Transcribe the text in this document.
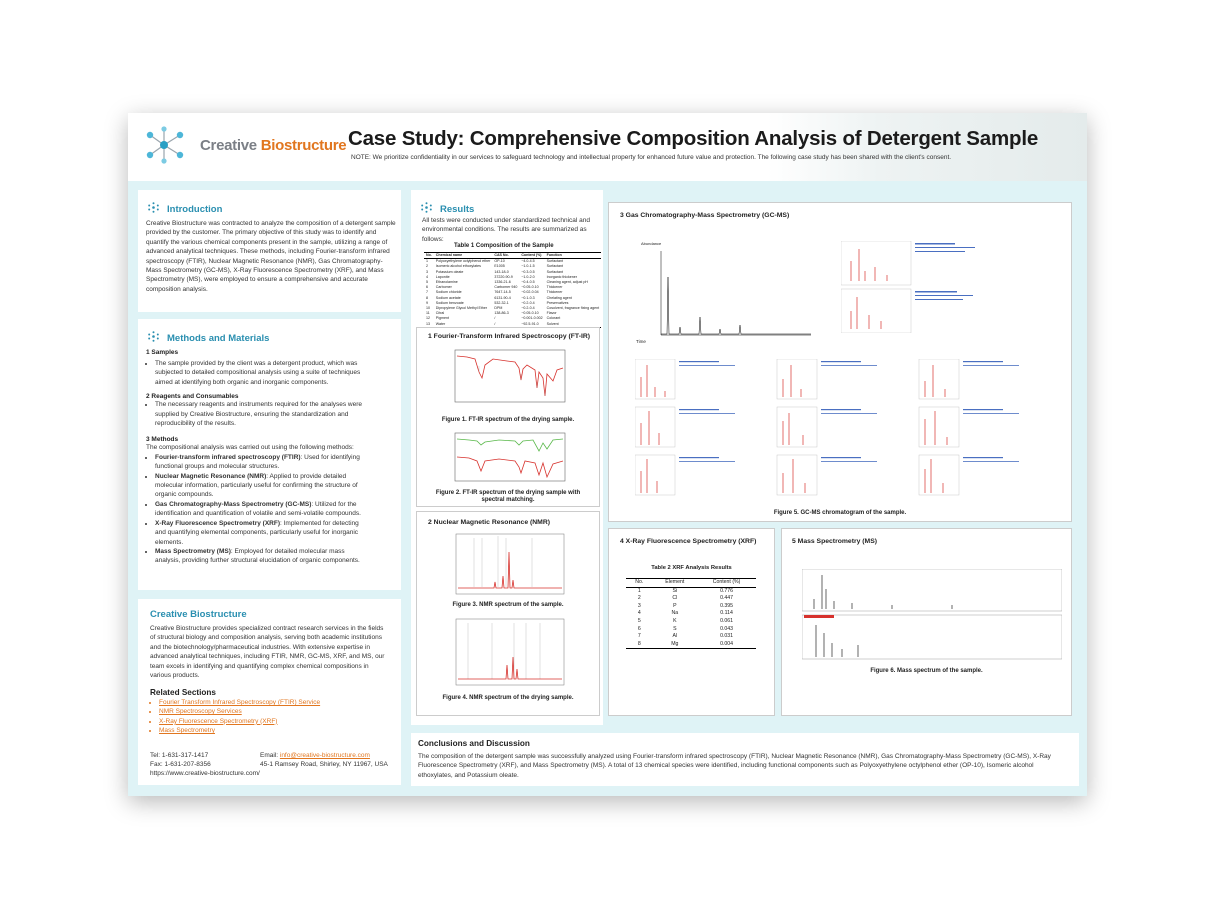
Creative Biostructure Case Study: Comprehensive Composition Analysis of Detergent Sample
NOTE: We prioritize confidentiality in our services to safeguard technology and intellectual property for enhanced future value and protection. The following case study has been shared with the client's consent.
Introduction
Creative Biostructure was contracted to analyze the composition of a detergent sample provided by the customer. The primary objective of this study was to identify and quantify the various chemical components present in the sample, utilizing a range of advanced analytical techniques. These methods, including Fourier-transform infrared spectroscopy (FTIR), Nuclear Magnetic Resonance (NMR), Gas Chromatography-Mass Spectrometry (GC-MS), X-Ray Fluorescence Spectrometry (XRF), and Mass Spectrometry (MS), were employed to ensure a comprehensive and accurate composition analysis.
Methods and Materials
1 Samples
• The sample provided by the client was a detergent product, which was subjected to detailed compositional analysis using a suite of techniques aimed at identifying both organic and inorganic components.
2 Reagents and Consumables
• The necessary reagents and instruments required for the analyses were supplied by Creative Biostructure, ensuring the standardization and reproducibility of the results.
3 Methods
The compositional analysis was carried out using the following methods:
• Fourier-transform infrared spectroscopy (FTIR): Used for identifying functional groups and molecular structures.
• Nuclear Magnetic Resonance (NMR): Applied to provide detailed molecular information, particularly useful for confirming the structure of organic compounds.
• Gas Chromatography-Mass Spectrometry (GC-MS): Utilized for the identification and quantification of volatile and semi-volatile compounds.
• X-Ray Fluorescence Spectrometry (XRF): Implemented for detecting and quantifying elemental components, particularly useful for inorganic elements.
• Mass Spectrometry (MS): Employed for detailed molecular mass analysis, providing further structural elucidation of organic components.
Creative Biostructure
Creative Biostructure provides specialized contract research services in the fields of structural biology and composition analysis, serving both academic institutions and the biotechnology/pharmaceutical industries. With extensive expertise in advanced analytical techniques, including FTIR, NMR, GC-MS, XRF, and MS, our team excels in identifying and quantifying complex chemical compositions in various products.
Related Sections
• Fourier Transform Infrared Spectroscopy (FTIR) Service
• NMR Spectroscopy Services
• X-Ray Fluorescence Spectrometry (XRF)
• Mass Spectrometry
Tel: 1-631-317-1417
Fax: 1-631-207-8356
https://www.creative-biostructure.com/
Email: info@creative-biostructure.com
45-1 Ramsey Road, Shirley, NY 11967, USA
Results
All tests were conducted under standardized technical and environmental conditions. The results are summarized as follows:
Table 1 Composition of the Sample
No.	Chemical name	CAS No.	Content (%)	Function
1	Polyoxyethylene octylphenol ether	OP-10	~4.0-4.5	Surfactant
2	Isomeric alcohol ethoxylates	E1005	~1.0-1.5	Surfactant
3	Potassium oleate	143-18-0	~0.3-0.5	Surfactant
4	Laponite	37220-90-9	~1.0-2.0	Inorganic thickener
5	Ethanolamine	1336-21-6	~0.4-0.5	Cleaning agent, adjust pH
6	Carbomer	Carbomer 940	~0.05-0.10	Thickener
7	Sodium chloride	7647-14-5	~0.02-0.04	Thickener
8	Sodium acetate	6131-90-4	~0.1-0.3	Chelating agent
9	Sodium benzoate	532-32-1	~0.2-0.4	Preservatives
10	Dipropylene Glycol Methyl Ether	DPM	~0.2-0.4	Cosolvent, fragrance fixing agent
11	Citral	138-86-3	~0.05-0.10	Flavor
12	Pigment	/	~0.001-0.002	Colorant
13	Water	/	~92.5-91.0	Solvent
1 Fourier-Transform Infrared Spectroscopy (FT-IR)
Figure 1. FT-IR spectrum of the drying sample.
Figure 2. FT-IR spectrum of the drying sample with
spectral matching.
2 Nuclear Magnetic Resonance (NMR)
Figure 3. NMR spectrum of the sample.
Figure 4. NMR spectrum of the drying sample.
3 Gas Chromatography-Mass Spectrometry (GC-MS)
Abundance
Time
Figure 5. GC-MS chromatogram of the sample.
4 X-Ray Fluorescence Spectrometry (XRF)
Table 2 XRF Analysis Results
No.	Element	Content (%)
1	Si	0.776
2	Cl	0.447
3	P	0.395
4	Na	0.114
5	K	0.061
6	S	0.043
7	Al	0.031
8	Mg	0.004
5 Mass Spectrometry (MS)
Figure 6. Mass spectrum of the sample.
Conclusions and Discussion
The composition of the detergent sample was successfully analyzed using Fourier-transform infrared spectroscopy (FTIR), Nuclear Magnetic Resonance (NMR), Gas Chromatography-Mass Spectrometry (GC-MS), X-Ray Fluorescence Spectrometry (XRF), and Mass Spectrometry (MS). A total of 13 chemical species were identified, including functional components such as Polyoxyethylene octylphenol ether (OP-10), Isomeric alcohol ethoxylates, and Potassium oleate.
